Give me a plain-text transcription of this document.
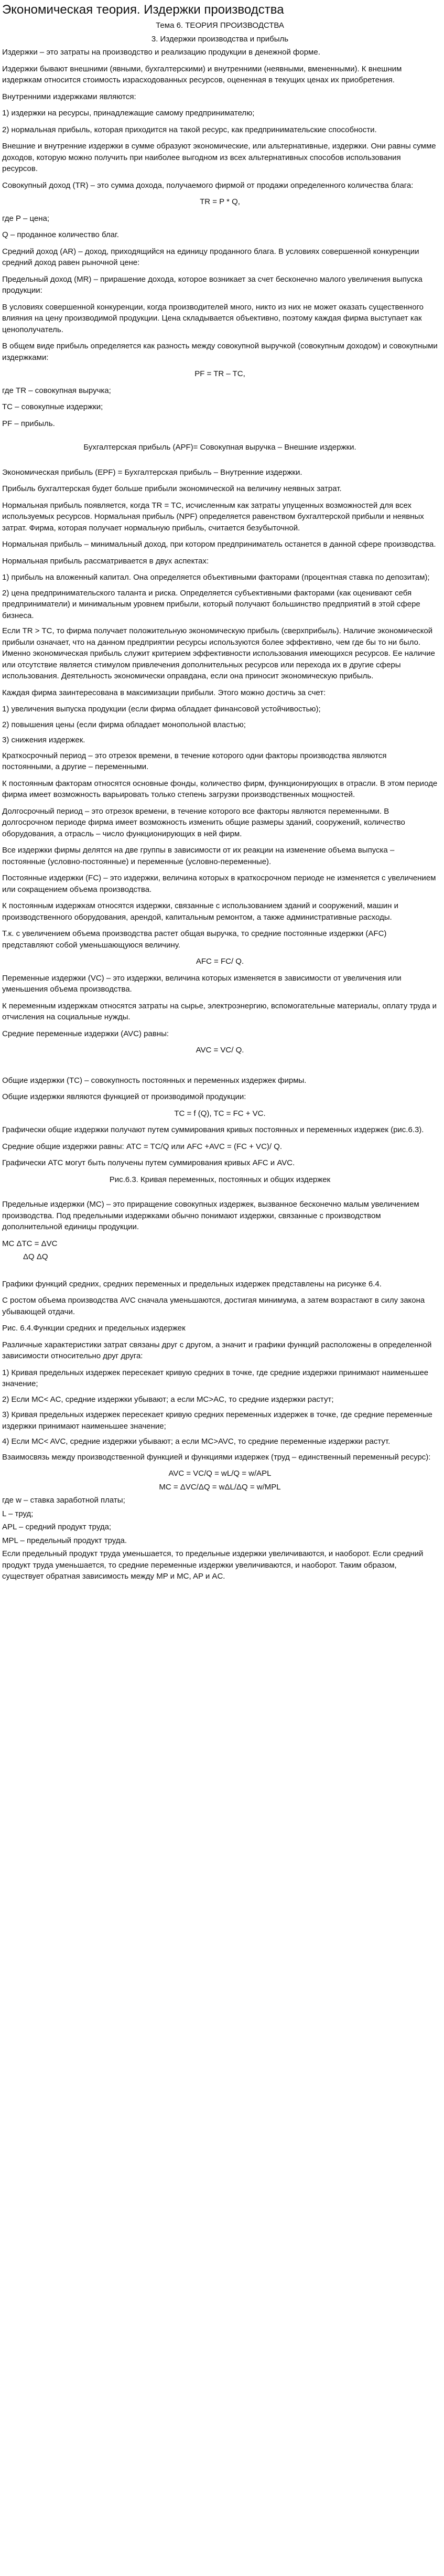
Экономическая теория. Издержки производства

Тема 6. ТЕОРИЯ ПРОИЗВОДСТВА

3. Издержки производства и прибыль

Издержки – это затраты на производство и реализацию продукции в денежной форме.

Издержки бывают внешними (явными, бухгалтерскими) и внутренними (неявными, вмененными). К внешним издержкам относится стоимость израсходованных ресурсов, оцененная в текущих ценах их приобретения.

Внутренними издержками являются:

1) издержки на ресурсы, принадлежащие самому предпринимателю;

2) нормальная прибыль, которая приходится на такой ресурс, как предпринимательские способности.

Внешние и внутренние издержки в сумме образуют экономические, или альтернативные, издержки. Они равны сумме доходов, которую можно получить при наиболее выгодном из всех альтернативных способов использования ресурсов.

Совокупный доход (TR) – это сумма дохода, получаемого фирмой от продажи определенного количества блага:

TR = P * Q,

где P – цена;

Q – проданное количество благ.

Средний доход (AR) – доход, приходящийся на единицу проданного блага. В условиях совершенной конкуренции средний доход равен рыночной цене:

Предельный доход (MR) – прирашение дохода, которое возникает за счет бесконечно малого увеличения выпуска продукции:

В условиях совершенной конкуренции, когда производителей много, никто из них не может оказать существенного влияния на цену производимой продукции. Цена складывается объективно, поэтому каждая фирма выступает как ценополучатель.

В общем виде прибыль определяется как разность между совокупной выручкой (совокупным доходом) и совокупными издержками:

PF = TR – TC,

где TR – совокупная выручка;

TC – совокупные издержки;

PF – прибыль.

Бухгалтерская прибыль (APF)= Совокупная выручка – Внешние издержки.

Экономическая прибыль (EPF) = Бухгалтерская прибыль – Внутренние издержки.

Прибыль бухгалтерская будет больше прибыли экономической на величину неявных затрат.

Нормальная прибыль появляется, когда TR = TC, исчисленным как затраты упущенных возможностей для всех используемых ресурсов. Нормальная прибыль (NPF) определяется равенством бухгалтерской прибыли и неявных затрат. Фирма, которая получает нормальную прибыль, считается безубыточной.

Нормальная прибыль – минимальный доход, при котором предприниматель останется в данной сфере производства.

Нормальная прибыль рассматривается в двух аспектах:

1) прибыль на вложенный капитал. Она определяется объективными факторами (процентная ставка по депозитам);

2) цена предпринимательского таланта и риска. Определяется субъективными факторами (как оценивают себя предприниматели) и минимальным уровнем прибыли, который получают большинство предприятий в этой сфере бизнеса.

Если TR > TC, то фирма получает положительную экономическую прибыль (сверхприбыль). Наличие экономической прибыли означает, что на данном предприятии ресурсы используются более эффективно, чем где бы то ни было. Именно экономическая прибыль служит критерием эффективности использования имеющихся ресурсов. Ее наличие или отсутствие является стимулом привлечения дополнительных ресурсов или перехода их в другие сферы использования. Деятельность экономически оправдана, если она приносит экономическую прибыль.

Каждая фирма заинтересована в максимизации прибыли. Этого можно достичь за счет:

1) увеличения выпуска продукции (если фирма обладает финансовой устойчивостью);

2) повышения цены (если фирма обладает монопольной властью;

3) снижения издержек.

Краткосрочный период – это отрезок времени, в течение которого одни факторы производства являются постоянными, а другие – переменными.

К постоянным факторам относятся основные фонды, количество фирм, функционирующих в отрасли. В этом периоде фирма имеет возможность варьировать только степень загрузки производственных мощностей.

Долгосрочный период – это отрезок времени, в течение которого все факторы являются переменными. В долгосрочном периоде фирма имеет возможность изменить общие размеры зданий, сооружений, количество оборудования, а отрасль – число функционирующих в ней фирм.

Все издержки фирмы делятся на две группы в зависимости от их реакции на изменение объема выпуска – постоянные (условно-постоянные) и переменные (условно-переменные).

Постоянные издержки (FC) – это издержки, величина которых в краткосрочном периоде не изменяется с увеличением или сокращением объема производства.

К постоянным издержкам относятся издержки, связанные с использованием зданий и сооружений, машин и производственного оборудования, арендой, капитальным ремонтом, а также административные расходы.

Т.к. с увеличением объема производства растет общая выручка, то средние постоянные издержки (AFC) представляют собой уменьшающуюся величину.

AFC = FC/ Q.

Переменные издержки (VC) – это издержки, величина которых изменяется в зависимости от увеличения или уменьшения объема производства.

К переменным издержкам относятся затраты на сырье, электроэнергию, вспомогательные материалы, оплату труда и отчисления на социальные нужды.

Средние переменные издержки (AVC) равны:

AVC = VC/ Q.

Общие издержки (TC) – совокупность постоянных и переменных издержек фирмы.

Общие издержки являются функцией от производимой продукции:

TC = f (Q), TC = FC + VC.

Графически общие издержки получают путем суммирования кривых постоянных и переменных издержек (рис.6.3).

Средние общие издержки равны: ATC = TC/Q или AFC +AVC = (FC + VC)/ Q.

Графически ATC могут быть получены путем суммирования кривых AFC и AVC.

Рис.6.3. Кривая переменных, постоянных и общих издержек

Предельные издержки (МС) – это приращение совокупных издержек, вызванное бесконечно малым увеличением производства. Под предельными издержками обычно понимают издержки, связанные с производством дополнительной единицы продукции.

MC ΔTC = ΔVC

ΔQ ΔQ

Графики функций средних, средних переменных и предельных издержек представлены на рисунке 6.4.

С ростом объема производства AVC сначала уменьшаются, достигая минимума, а затем возрастают в силу закона убывающей отдачи.

Рис. 6.4.Функции средних и предельных издержек

Различные характеристики затрат связаны друг с другом, а значит и графики функций расположены в определенной зависимости относительно друг друга:

1) Кривая предельных издержек пересекает кривую средних в точке, где средние издержки принимают наименьшее значение;

2) Если MC< AC, средние издержки убывают; а если MC>AC, то средние издержки растут;

3) Кривая предельных издержек пересекает кривую средних переменных издержек в точке, где средние переменные издержки принимают наименьшее значение;

4) Если MC< AVC, средние издержки убывают; а если MC>AVC, то средние переменные издержки растут.

Взаимосвязь между производственной функцией и функциями издержек (труд – единственный переменный ресурс):

AVC = VC/Q = wL/Q = w/APL

MC = ΔVC/ΔQ = wΔL/ΔQ = w/MPL

где w – ставка заработной платы;

L – труд;

APL – средний продукт труда;

MPL – предельный продукт труда.

Если предельный продукт труда уменьшается, то предельные издержки увеличиваются, и наоборот. Если средний продукт труда уменьшается, то средние переменные издержки увеличиваются, и наоборот. Таким образом, существует обратная зависимость между MP и MC, AP и AC.
